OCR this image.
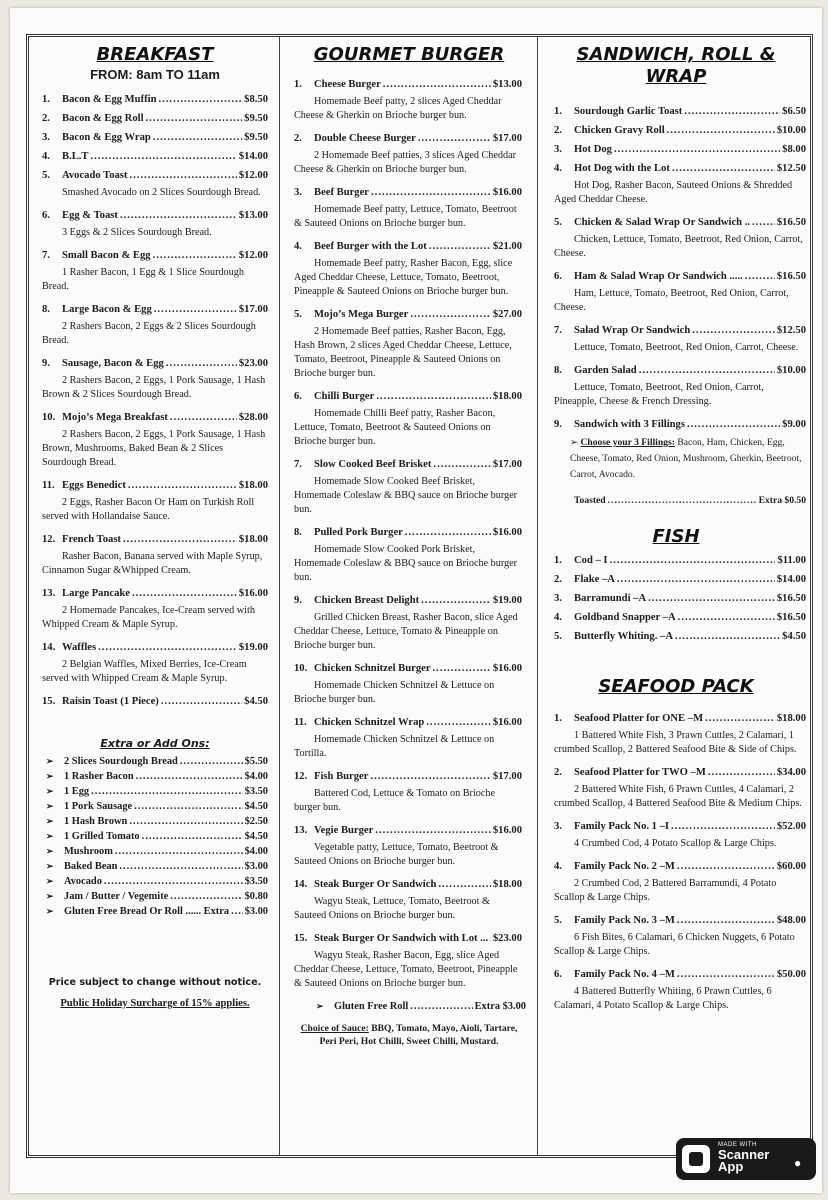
BREAKFAST
FROM: 8am TO 11am
1.	Bacon & Egg Muffin .....	$8.50
2.	Bacon & Egg Roll .....	$9.50
3.	Bacon & Egg Wrap .....	$9.50
4.	B.L.T .....	$14.00
5.	Avocado Toast .....	$12.00
Smashed Avocado on 2 Slices Sourdough Bread.
6.	Egg & Toast .....	$13.00
3 Eggs & 2 Slices Sourdough Bread.
7.	Small Bacon & Egg .....	$12.00
1 Rasher Bacon, 1 Egg & 1 Slice Sourdough Bread.
8.	Large Bacon & Egg .....	$17.00
2 Rashers Bacon, 2 Eggs & 2 Slices Sourdough Bread.
9.	Sausage, Bacon & Egg .....	$23.00
2 Rashers Bacon, 2 Eggs, 1 Pork Sausage, 1 Hash Brown & 2 Slices Sourdough Bread.
10. Mojo’s Mega Breakfast .....	$28.00
2 Rashers Bacon, 2 Eggs, 1 Pork Sausage, 1 Hash Brown, Mushrooms, Baked Bean & 2 Slices Sourdough Bread.
11. Eggs Benedict .....	$18.00
2 Eggs, Rasher Bacon Or Ham on Turkish Roll served with Hollandaise Sauce.
12. French Toast .....	$18.00
Rasher Bacon, Banana served with Maple Syrup, Cinnamon Sugar &Whipped Cream.
13. Large Pancake .....	$16.00
2 Homemade Pancakes, Ice-Cream served with Whipped Cream & Maple Syrup.
14. Waffles .....	$19.00
2 Belgian Waffles, Mixed Berries, Ice-Cream served with Whipped Cream & Maple Syrup.
15. Raisin Toast (1 Piece) .....	$4.50
Extra or Add Ons:
➢	2 Slices Sourdough Bread .....	$5.50
➢	1 Rasher Bacon .....	$4.00
➢	1 Egg .....	$3.50
➢	1 Pork Sausage .....	$4.50
➢	1 Hash Brown .....	$2.50
➢	1 Grilled Tomato .....	$4.50
➢	Mushroom .....	$4.00
➢	Baked Bean .....	$3.00
➢	Avocado .....	$3.50
➢	Jam / Butter / Vegemite .....	$0.80
➢	Gluten Free Bread Or Roll ...... Extra ..... $3.00
Price subject to change without notice.
Public Holiday Surcharge of 15% applies.
GOURMET BURGER
1.	Cheese Burger .....	$13.00
Homemade Beef patty, 2 slices Aged Cheddar Cheese & Gherkin on Brioche burger bun.
2.	Double Cheese Burger .....	$17.00
2 Homemade Beef patties, 3 slices Aged Cheddar Cheese & Gherkin on Brioche burger bun.
3.	Beef Burger .....	$16.00
Homemade Beef patty, Lettuce, Tomato, Beetroot & Sauteed Onions on Brioche burger bun.
4.	Beef Burger with the Lot .....	$21.00
Homemade Beef patty, Rasher Bacon, Egg, slice Aged Cheddar Cheese, Lettuce, Tomato, Beetroot, Pineapple & Sauteed Onions on Brioche burger bun.
5.	Mojo’s Mega Burger .....	$27.00
2 Homemade Beef patties, Rasher Bacon, Egg, Hash Brown, 2 slices Aged Cheddar Cheese, Lettuce, Tomato, Beetroot, Pineapple & Sauteed Onions on Brioche burger bun.
6.	Chilli Burger .....	$18.00
Homemade Chilli Beef patty, Rasher Bacon, Lettuce, Tomato, Beetroot & Sauteed Onions on Brioche burger bun.
7.	Slow Cooked Beef Brisket .....	$17.00
Homemade Slow Cooked Beef Brisket, Homemade Coleslaw & BBQ sauce on Brioche burger bun.
8.	Pulled Pork Burger .....	$16.00
Homemade Slow Cooked Pork Brisket, Homemade Coleslaw & BBQ sauce on Brioche burger bun.
9.	Chicken Breast Delight .....	$19.00
Grilled Chicken Breast, Rasher Bacon, slice Aged Cheddar Cheese, Lettuce, Tomato & Pineapple on Brioche burger bun.
10. Chicken Schnitzel Burger .....	$16.00
Homemade Chicken Schnitzel & Lettuce on Brioche burger bun.
11. Chicken Schnitzel Wrap .....	$16.00
Homemade Chicken Schnitzel & Lettuce on Tortilla.
12. Fish Burger .....	$17.00
Battered Cod, Lettuce & Tomato on Brioche burger bun.
13. Vegie Burger .....	$16.00
Vegetable patty, Lettuce, Tomato, Beetroot & Sauteed Onions on Brioche burger bun.
14. Steak Burger Or Sandwich .....	$18.00
Wagyu Steak, Lettuce, Tomato, Beetroot & Sauteed Onions on Brioche burger bun.
15. Steak Burger Or Sandwich with Lot ... ..... $23.00
Wagyu Steak, Rasher Bacon, Egg, slice Aged Cheddar Cheese, Lettuce, Tomato, Beetroot, Pineapple & Sauteed Onions on Brioche burger bun.
➢	Gluten Free Roll .....	Extra $3.00
Choice of Sauce: BBQ, Tomato, Mayo, Aioli, Tartare, Peri Peri, Hot Chilli, Sweet Chilli, Mustard.
SANDWICH, ROLL &
WRAP
1.	Sourdough Garlic Toast .....	$6.50
2.	Chicken Gravy Roll .....	$10.00
3.	Hot Dog .....	$8.00
4.	Hot Dog with the Lot .....	$12.50
Hot Dog, Rasher Bacon, Sauteed Onions & Shredded Aged Cheddar Cheese.
5.	Chicken & Salad Wrap Or Sandwich .. .....	$16.50
Chicken, Lettuce, Tomato, Beetroot, Red Onion, Carrot, Cheese.
6.	Ham & Salad Wrap Or Sandwich ..... .....	$16.50
Ham, Lettuce, Tomato, Beetroot, Red Onion, Carrot, Cheese.
7.	Salad Wrap Or Sandwich .....	$12.50
Lettuce, Tomato, Beetroot, Red Onion, Carrot, Cheese.
8.	Garden Salad .....	$10.00
Lettuce, Tomato, Beetroot, Red Onion, Carrot, Pineapple, Cheese & French Dressing.
9.	Sandwich with 3 Fillings .....	$9.00
➢ Choose your 3 Fillings: Bacon, Ham, Chicken, Egg, Cheese, Tomato, Red Onion, Mushroom, Gherkin, Beetroot, Carrot, Avocado.
Toasted .....	Extra $0.50
FISH
1.	Cod – I .....	$11.00
2.	Flake –A .....	$14.00
3.	Barramundi –A .....	$16.50
4.	Goldband Snapper –A .....	$16.50
5.	Butterfly Whiting. –A .....	$4.50
SEAFOOD PACK
1.	Seafood Platter for ONE –M .....	$18.00
1 Battered White Fish, 3 Prawn Cuttles, 2 Calamari, 1 crumbed Scallop, 2 Battered Seafood Bite & Side of Chips.
2.	Seafood Platter for TWO –M .....	$34.00
2 Battered White Fish, 6 Prawn Cuttles, 4 Calamari, 2 crumbed Scallop, 4 Battered Seafood Bite & Medium Chips.
3.	Family Pack No. 1 –I .....	$52.00
4 Crumbed Cod, 4 Potato Scallop & Large Chips.
4.	Family Pack No. 2 –M .....	$60.00
2 Crumbed Cod, 2 Battered Barramundi, 4 Potato Scallop & Large Chips.
5.	Family Pack No. 3 –M .....	$48.00
6 Fish Bites, 6 Calamari, 6 Chicken Nuggets, 6 Potato Scallop & Large Chips.
6.	Family Pack No. 4 –M .....	$50.00
4 Battered Butterfly Whiting, 6 Prawn Cuttles, 6 Calamari, 4 Potato Scallop & Large Chips.
MADE WITH
Scanner
App	●
